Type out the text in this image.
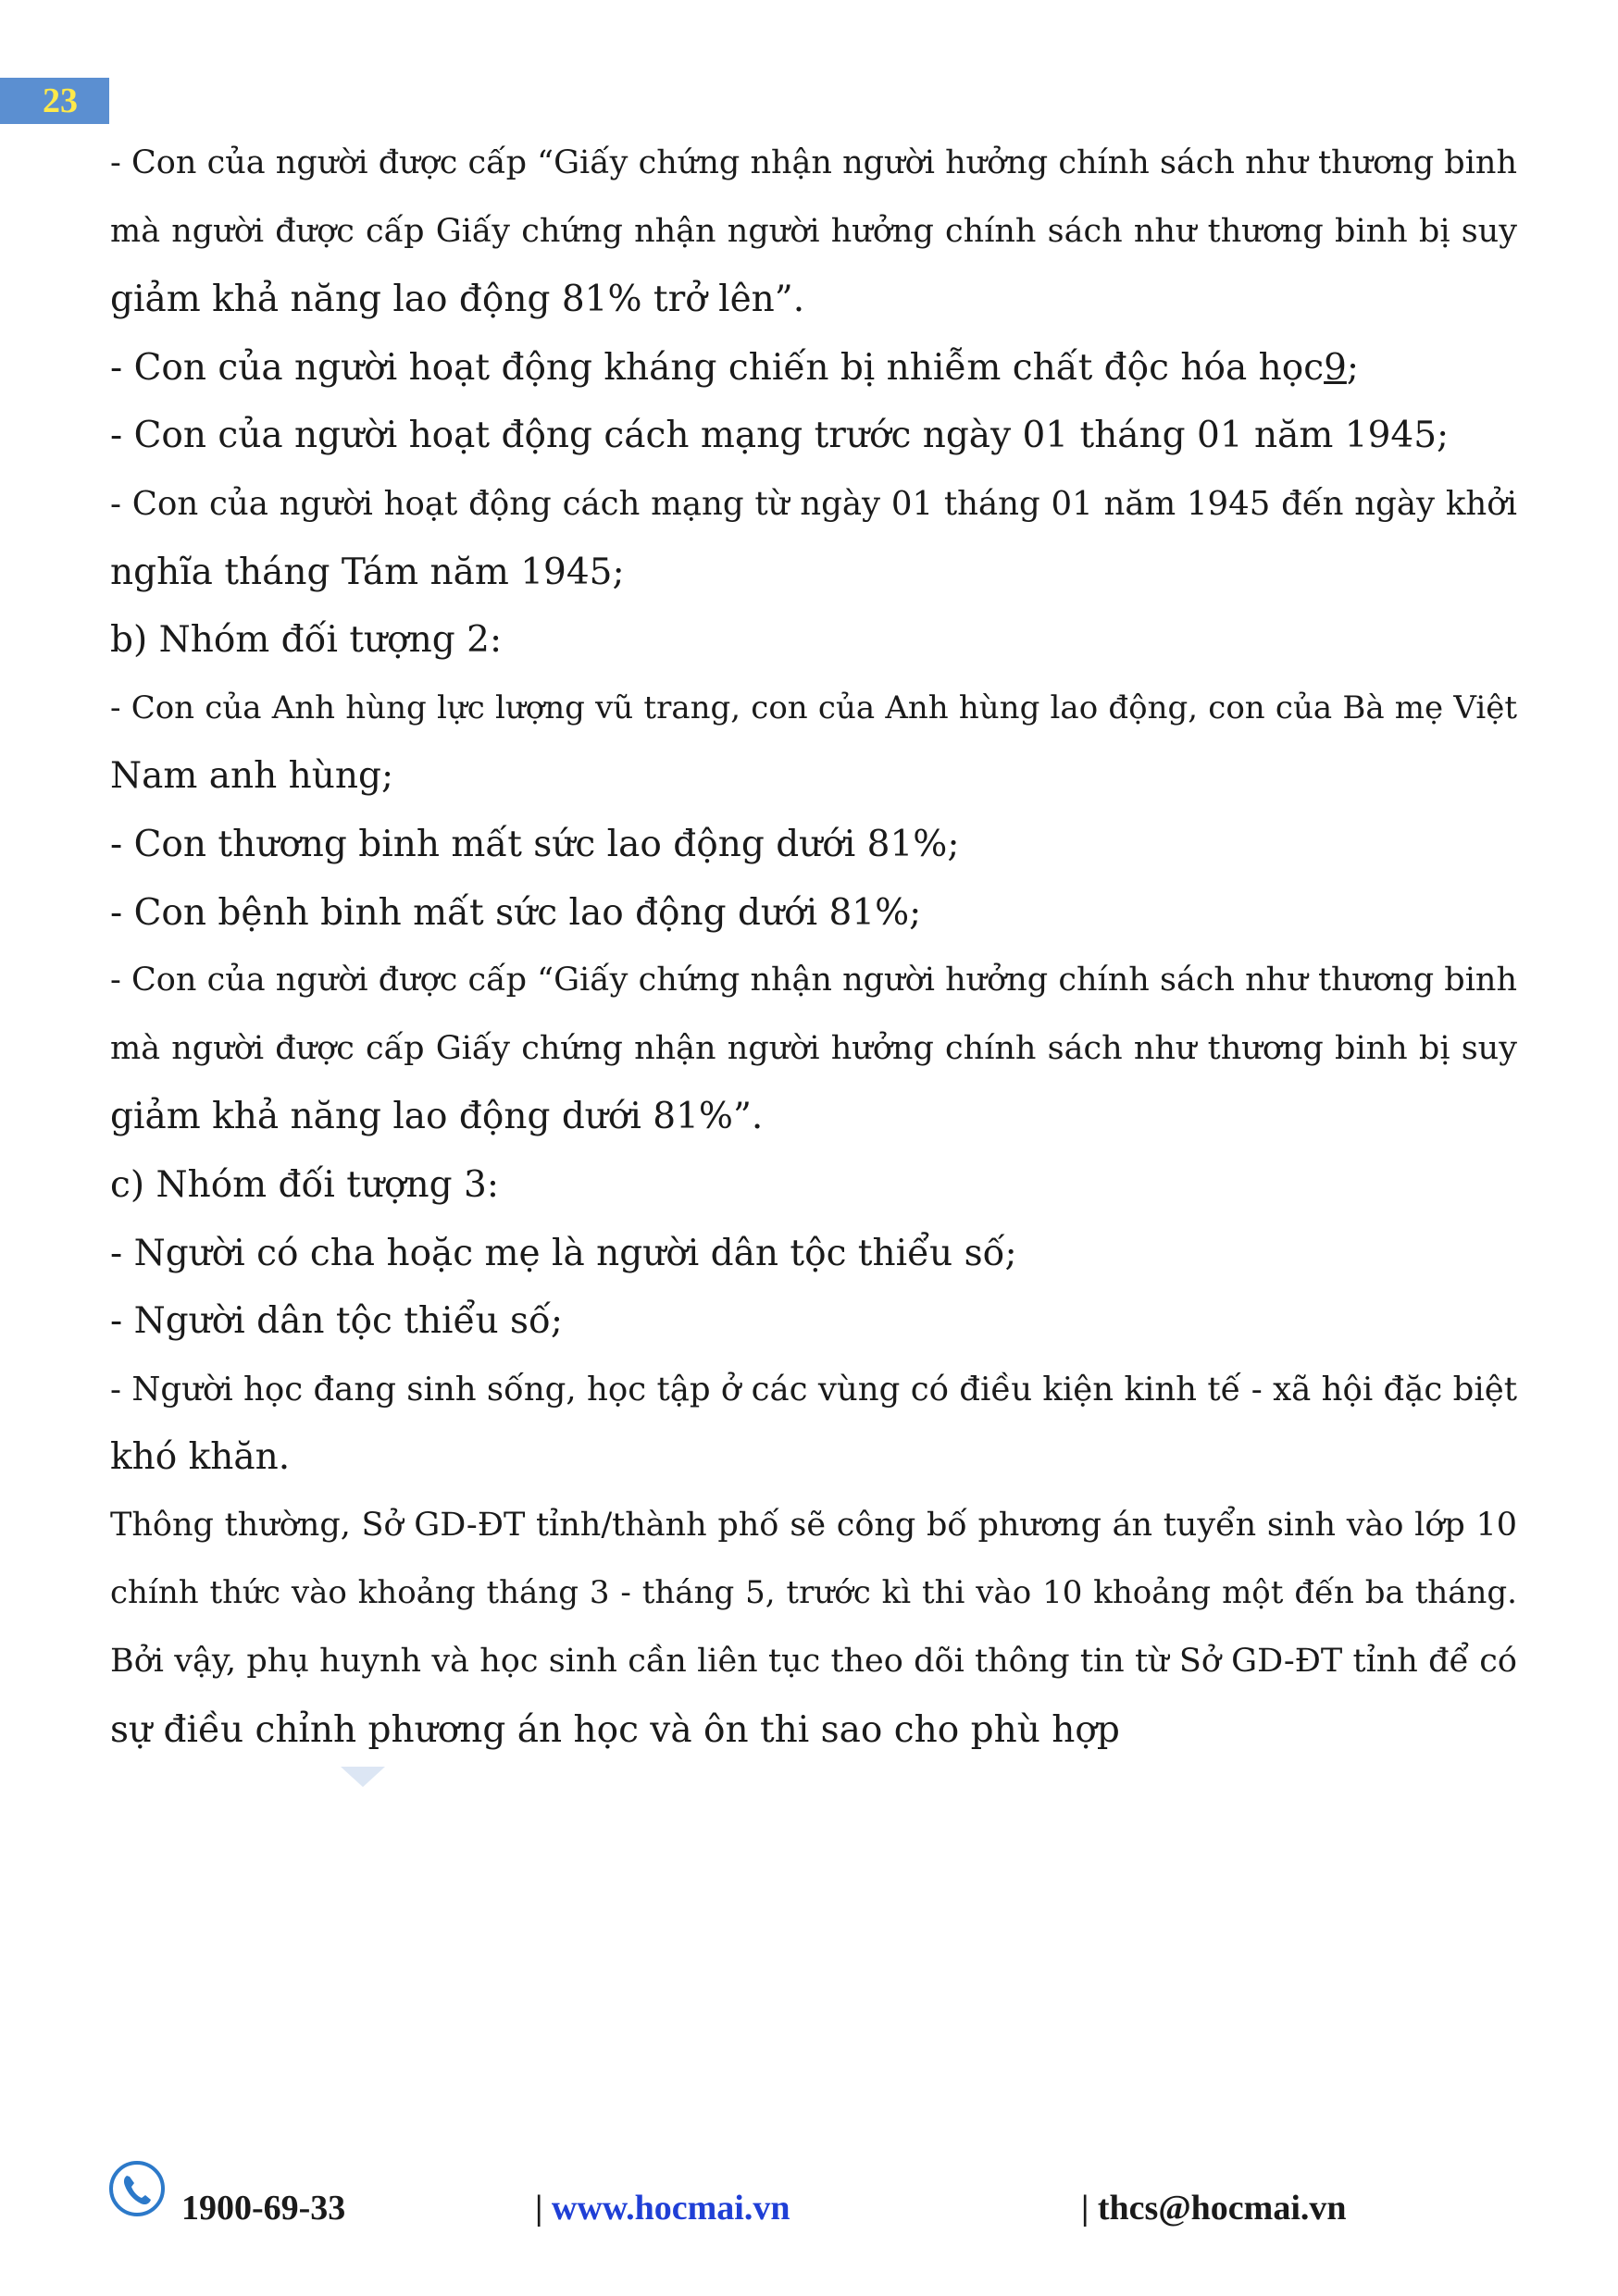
23
- Con của người được cấp “Giấy chứng nhận người hưởng chính sách như thương binh
mà người được cấp Giấy chứng nhận người hưởng chính sách như thương binh bị suy
giảm khả năng lao động 81% trở lên”.
- Con của người hoạt động kháng chiến bị nhiễm chất độc hóa học9;
- Con của người hoạt động cách mạng trước ngày 01 tháng 01 năm 1945;
- Con của người hoạt động cách mạng từ ngày 01 tháng 01 năm 1945 đến ngày khởi
nghĩa tháng Tám năm 1945;
b) Nhóm đối tượng 2:
- Con của Anh hùng lực lượng vũ trang, con của Anh hùng lao động, con của Bà mẹ Việt
Nam anh hùng;
- Con thương binh mất sức lao động dưới 81%;
- Con bệnh binh mất sức lao động dưới 81%;
- Con của người được cấp “Giấy chứng nhận người hưởng chính sách như thương binh
mà người được cấp Giấy chứng nhận người hưởng chính sách như thương binh bị suy
giảm khả năng lao động dưới 81%”.
c) Nhóm đối tượng 3:
- Người có cha hoặc mẹ là người dân tộc thiểu số;
- Người dân tộc thiểu số;
- Người học đang sinh sống, học tập ở các vùng có điều kiện kinh tế - xã hội đặc biệt
khó khăn.
Thông thường, Sở GD-ĐT tỉnh/thành phố sẽ công bố phương án tuyển sinh vào lớp 10
chính thức vào khoảng tháng 3 - tháng 5, trước kì thi vào 10 khoảng một đến ba tháng.
Bởi vậy, phụ huynh và học sinh cần liên tục theo dõi thông tin từ Sở GD-ĐT tỉnh để có
sự điều chỉnh phương án học và ôn thi sao cho phù hợp
1900-69-33	| www.hocmai.vn	| thcs@hocmai.vn
